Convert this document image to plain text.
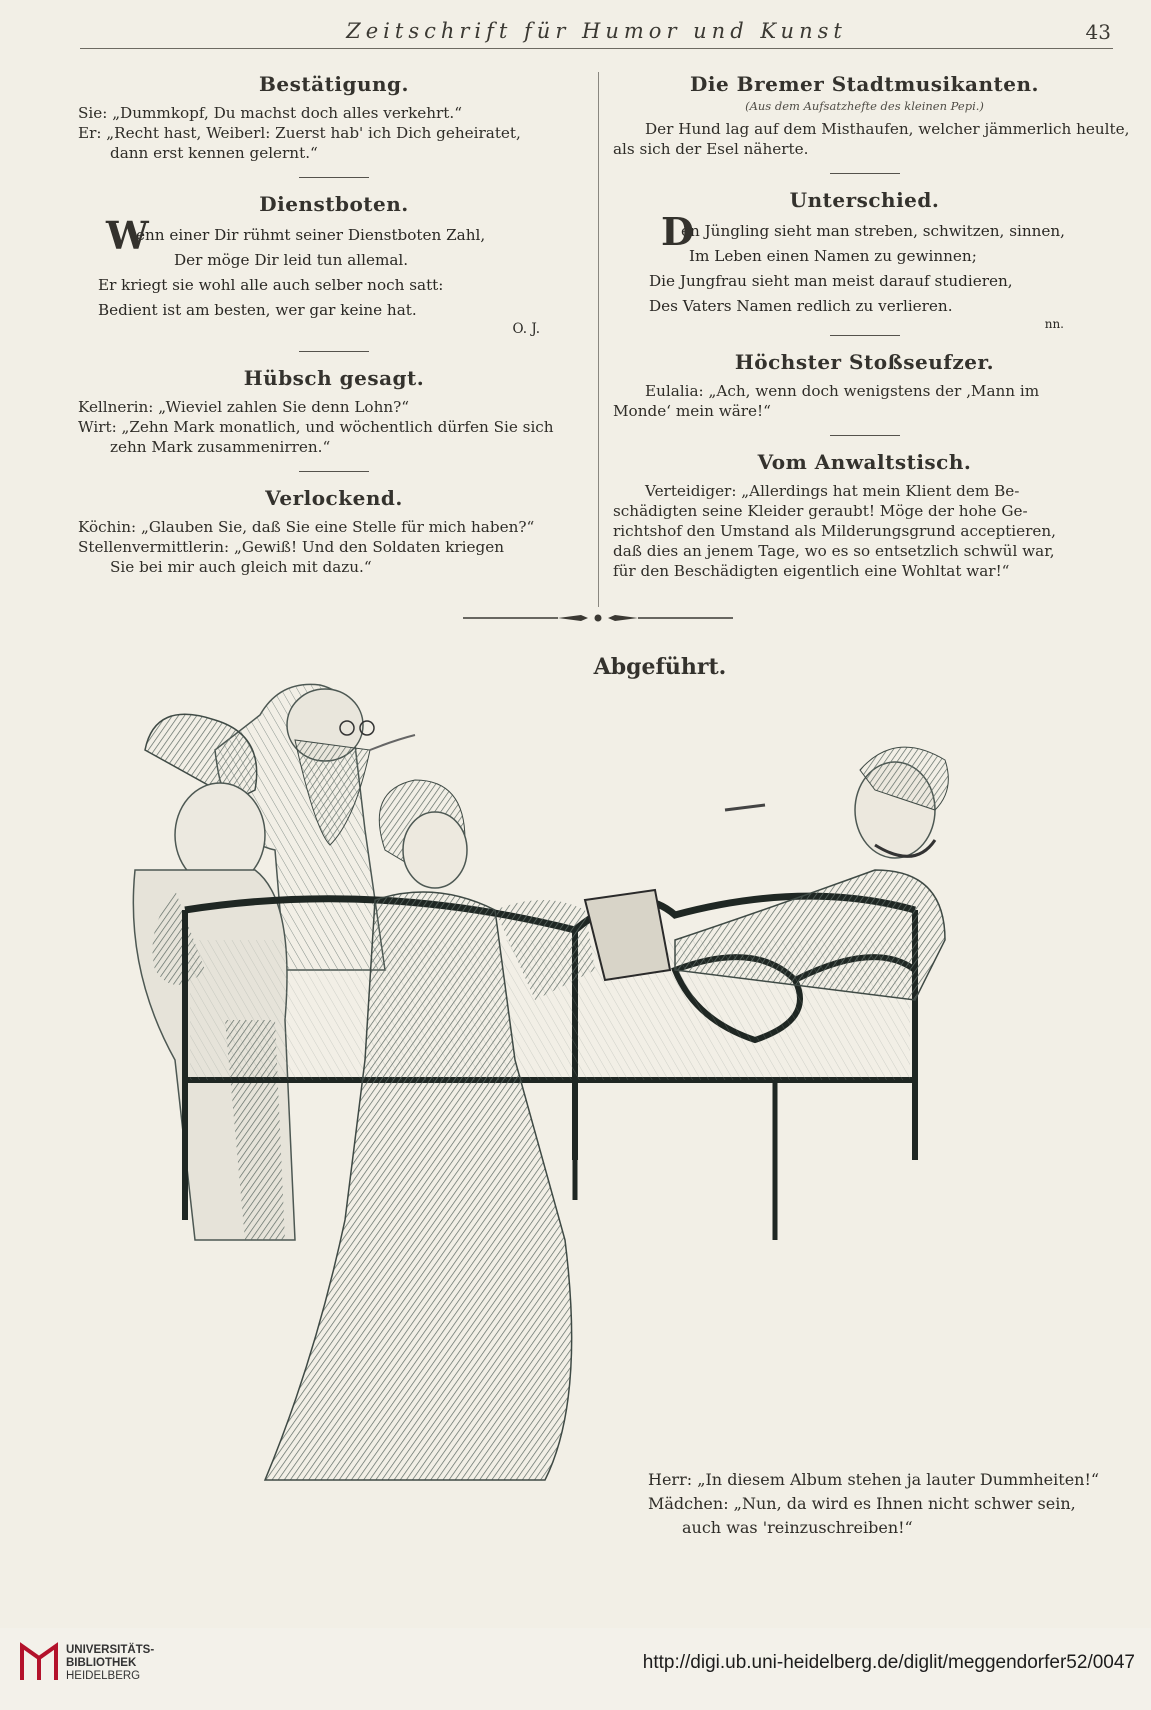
Zeitschrift für Humor und Kunst	43
Bestätigung.
Sie: „Dummkopf, Du machst doch alles verkehrt.“
Er: „Recht hast, Weiberl: Zuerst hab' ich Dich geheiratet,
dann erst kennen gelernt.“
Dienstboten.
W
enn einer Dir rühmt seiner Dienstboten Zahl,
Der möge Dir leid tun allemal.
Er kriegt sie wohl alle auch selber noch satt:
Bedient ist am besten, wer gar keine hat.
O. J.
Hübsch gesagt.
Kellnerin: „Wieviel zahlen Sie denn Lohn?“
Wirt: „Zehn Mark monatlich, und wöchentlich dürfen Sie sich
zehn Mark zusammenirren.“
Verlockend.
Köchin: „Glauben Sie, daß Sie eine Stelle für mich haben?“
Stellenvermittlerin: „Gewiß! Und den Soldaten kriegen
Sie bei mir auch gleich mit dazu.“
Die Bremer Stadtmusikanten.
(Aus dem Aufsatzhefte des kleinen Pepi.)
Der Hund lag auf dem Misthaufen, welcher jämmerlich heulte,
als sich der Esel näherte.
Unterschied.
D
en Jüngling sieht man streben, schwitzen, sinnen,
Im Leben einen Namen zu gewinnen;
Die Jungfrau sieht man meist darauf studieren,
Des Vaters Namen redlich zu verlieren.
nn.
Höchster Stoßseufzer.
Eulalia: „Ach, wenn doch wenigstens der ‚Mann im
Monde‘ mein wäre!“
Vom Anwaltstisch.
Verteidiger: „Allerdings hat mein Klient dem Be-
schädigten seine Kleider geraubt! Möge der hohe Ge-
richtshof den Umstand als Milderungsgrund acceptieren,
daß dies an jenem Tage, wo es so entsetzlich schwül war,
für den Beschädigten eigentlich eine Wohltat war!“
Abgeführt.
Herr: „In diesem Album stehen ja lauter Dummheiten!“
Mädchen: „Nun, da wird es Ihnen nicht schwer sein,
auch was 'reinzuschreiben!“
UNIVERSITÄTS-
BIBLIOTHEK
HEIDELBERG
http://digi.ub.uni-heidelberg.de/diglit/meggendorfer52/0047
